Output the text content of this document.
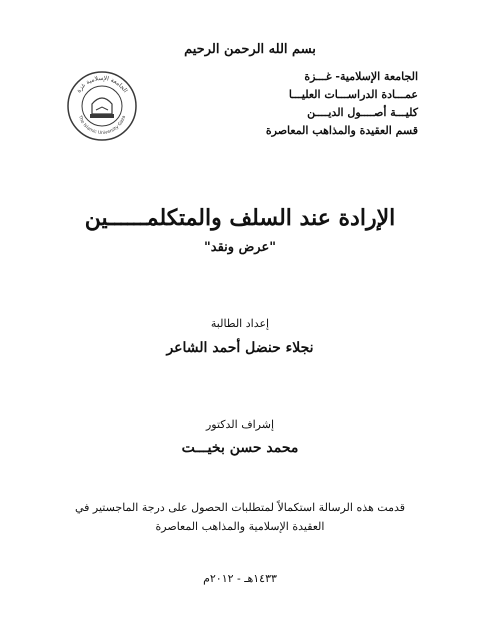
بسم الله الرحمن الرحيم
الجامعة الإسلامية- غـــزة
عمـــادة الدراســـات العليـــا
كليـــة أصــــول الديــــن
قسم العقيدة والمذاهب المعاصرة
الجامعة الإسلامية غزة
The Islamic University Gaza
الإرادة عند السلف والمتكلمــــــين
"عرض ونقد"
إعداد الطالبة
نجلاء حنضل أحمد الشاعر
إشراف الدكتور
محمد حسن بخيـــت
قدمت هذه الرسالة استكمالاً لمتطلبات الحصول على درجة الماجستير في
العقيدة الإسلامية والمذاهب المعاصرة
١٤٣٣هـ - ٢٠١٢م
